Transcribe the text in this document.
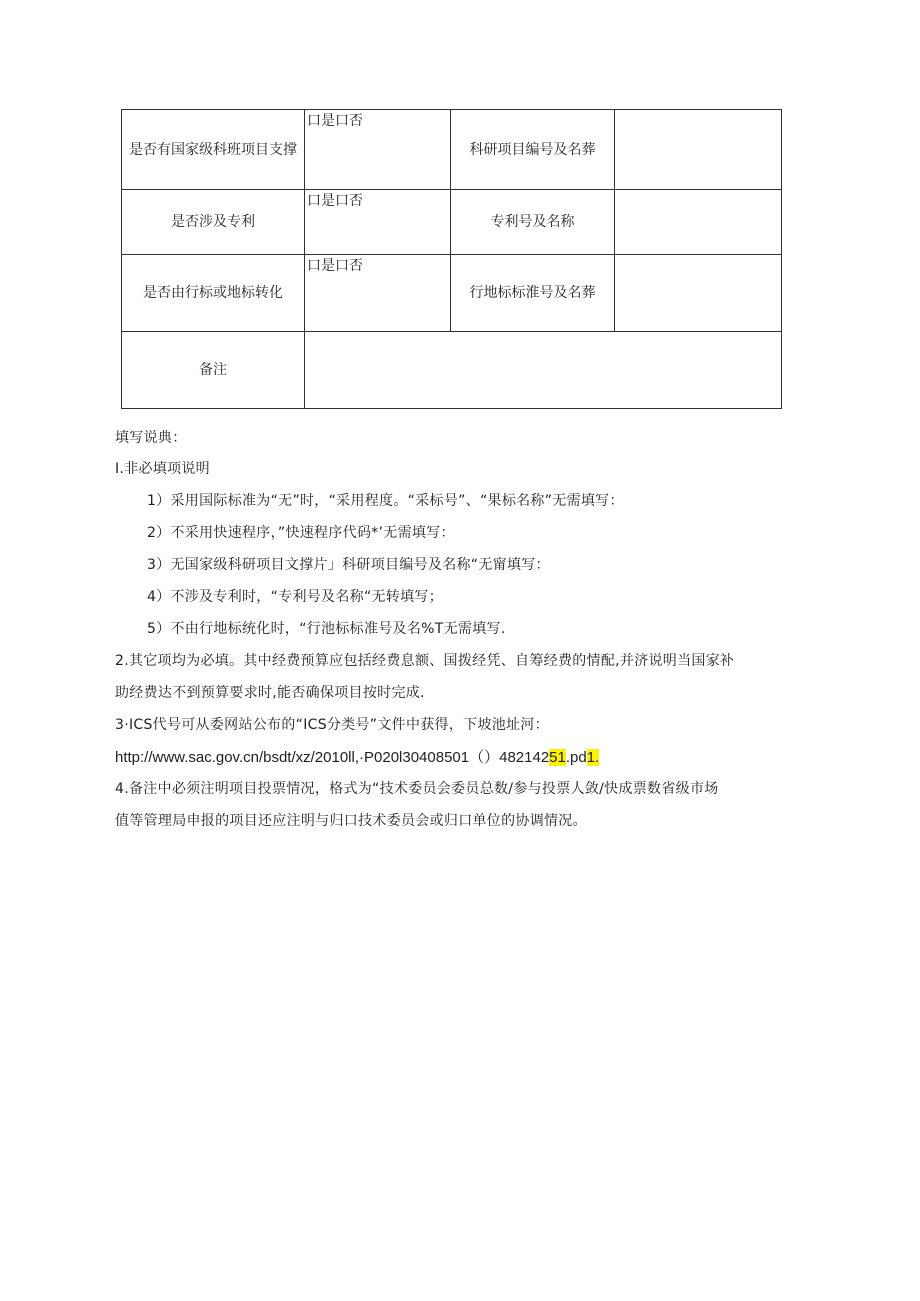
是否有国家级科班项目支撑	口是口否	科研项目编号及名葬	
是否涉及专利	口是口否	专利号及名称	
是否由行标或地标转化	口是口否	行地标标淮号及名葬	
备注			
填写说典：
I.非必填项说明
1）采用国际标准为“无”时，“采用程度。“采标号”、“果标名称”无需填写：
2）不采用快速程序，”快速程序代码*’无需填写：
3）无国家级科研项目文撑片」科研项目编号及名称“无甯填写：
4）不涉及专利时，“专利号及名称“无转填写；
5）不由行地标统化时，“行池标标准号及名%T无需填写.
2.其它项均为必填。其中经费预算应包括经费息额、国拨经凭、自筹经费的情配,并济说明当国家补
助经费达不到预算要求时,能否确保项目按时完成.
3·ICS代号可从委网站公布的“ICS分类号”文件中获得，下坡池址河：
http://www.sac.gov.cn/bsdt/xz/2010ll,·P020l30408501（）48214251.pd1.
4.备注中必须注明项目投票情况，格式为“技术委员会委员总数/参与投票人敛/快成票数省级市场
值等管理局申报的项目还应注明与归口技术委员会或归口单位的协调情况。
